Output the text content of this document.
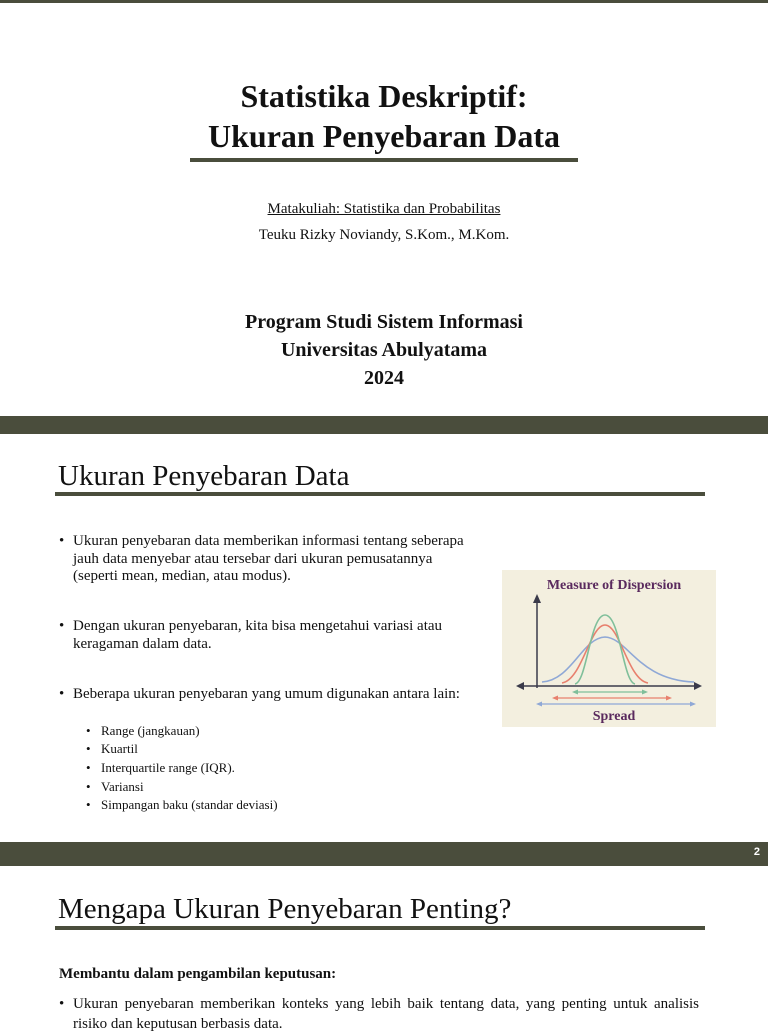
Statistika Deskriptif:
Ukuran Penyebaran Data
Matakuliah: Statistika dan Probabilitas
Teuku Rizky Noviandy, S.Kom., M.Kom.
Program Studi Sistem Informasi
Universitas Abulyatama
2024
Ukuran Penyebaran Data
• Ukuran penyebaran data memberikan informasi tentang seberapa jauh data menyebar atau tersebar dari ukuran pemusatannya (seperti mean, median, atau modus).
• Dengan ukuran penyebaran, kita bisa mengetahui variasi atau keragaman dalam data.
• Beberapa ukuran penyebaran yang umum digunakan antara lain:
• Range (jangkauan)
• Kuartil
• Interquartile range (IQR).
• Variansi
• Simpangan baku (standar deviasi)
Measure of Dispersion
Spread
2
Mengapa Ukuran Penyebaran Penting?
Membantu dalam pengambilan keputusan:
• Ukuran penyebaran memberikan konteks yang lebih baik tentang data, yang penting untuk analisis risiko dan keputusan berbasis data.
